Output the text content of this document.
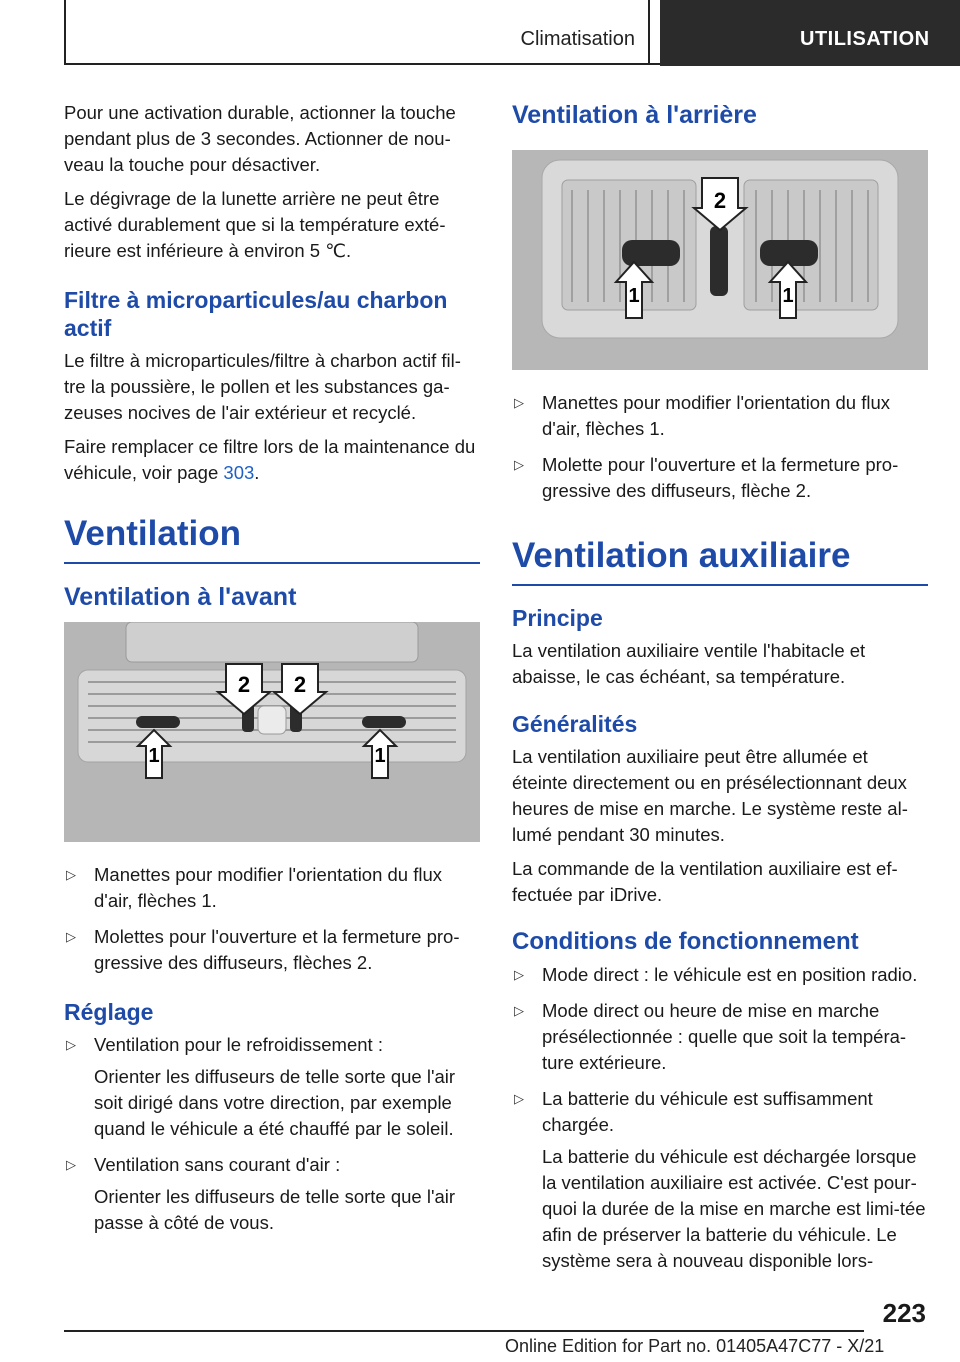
Climatisation	UTILISATION

Pour une activation durable, actionner la touche pendant plus de 3 secondes. Actionner de nou‐veau la touche pour désactiver.

Le dégivrage de la lunette arrière ne peut être activé durablement que si la température exté‐rieure est inférieure à environ 5 ℃.

Filtre à microparticules/au charbon actif

Le filtre à microparticules/filtre à charbon actif fil‐tre la poussière, le pollen et les substances ga‐zeuses nocives de l'air extérieur et recyclé.

Faire remplacer ce filtre lors de la maintenance du véhicule, voir page 303.

Ventilation
Ventilation à l'avant
1	1
2 2
▷ Manettes pour modifier l'orientation du flux d'air, flèches 1.
▷ Molettes pour l'ouverture et la fermeture pro‐gressive des diffuseurs, flèches 2.
Réglage
▷ Ventilation pour le refroidissement :
Orienter les diffuseurs de telle sorte que l'air soit dirigé dans votre direction, par exemple quand le véhicule a été chauffé par le soleil.
▷ Ventilation sans courant d'air :
Orienter les diffuseurs de telle sorte que l'air passe à côté de vous.
Ventilation à l'arrière
2
1	1
▷ Manettes pour modifier l'orientation du flux d'air, flèches 1.
▷ Molette pour l'ouverture et la fermeture pro‐gressive des diffuseurs, flèche 2.
Ventilation auxiliaire
Principe

La ventilation auxiliaire ventile l'habitacle et abaisse, le cas échéant, sa température.

Généralités

La ventilation auxiliaire peut être allumée et éteinte directement ou en présélectionnant deux heures de mise en marche. Le système reste al‐lumé pendant 30 minutes.

La commande de la ventilation auxiliaire est ef‐fectuée par iDrive.

Conditions de fonctionnement
▷ Mode direct : le véhicule est en position radio.
▷ Mode direct ou heure de mise en marche présélectionnée : quelle que soit la tempéra‐ture extérieure.
▷ La batterie du véhicule est suffisamment chargée.
La batterie du véhicule est déchargée lorsque la ventilation auxiliaire est activée. C'est pour‐quoi la durée de la mise en marche est limi‐tée afin de préserver la batterie du véhicule. Le système sera à nouveau disponible lors‐
223
Online Edition for Part no. 01405A47C77 - X/21
